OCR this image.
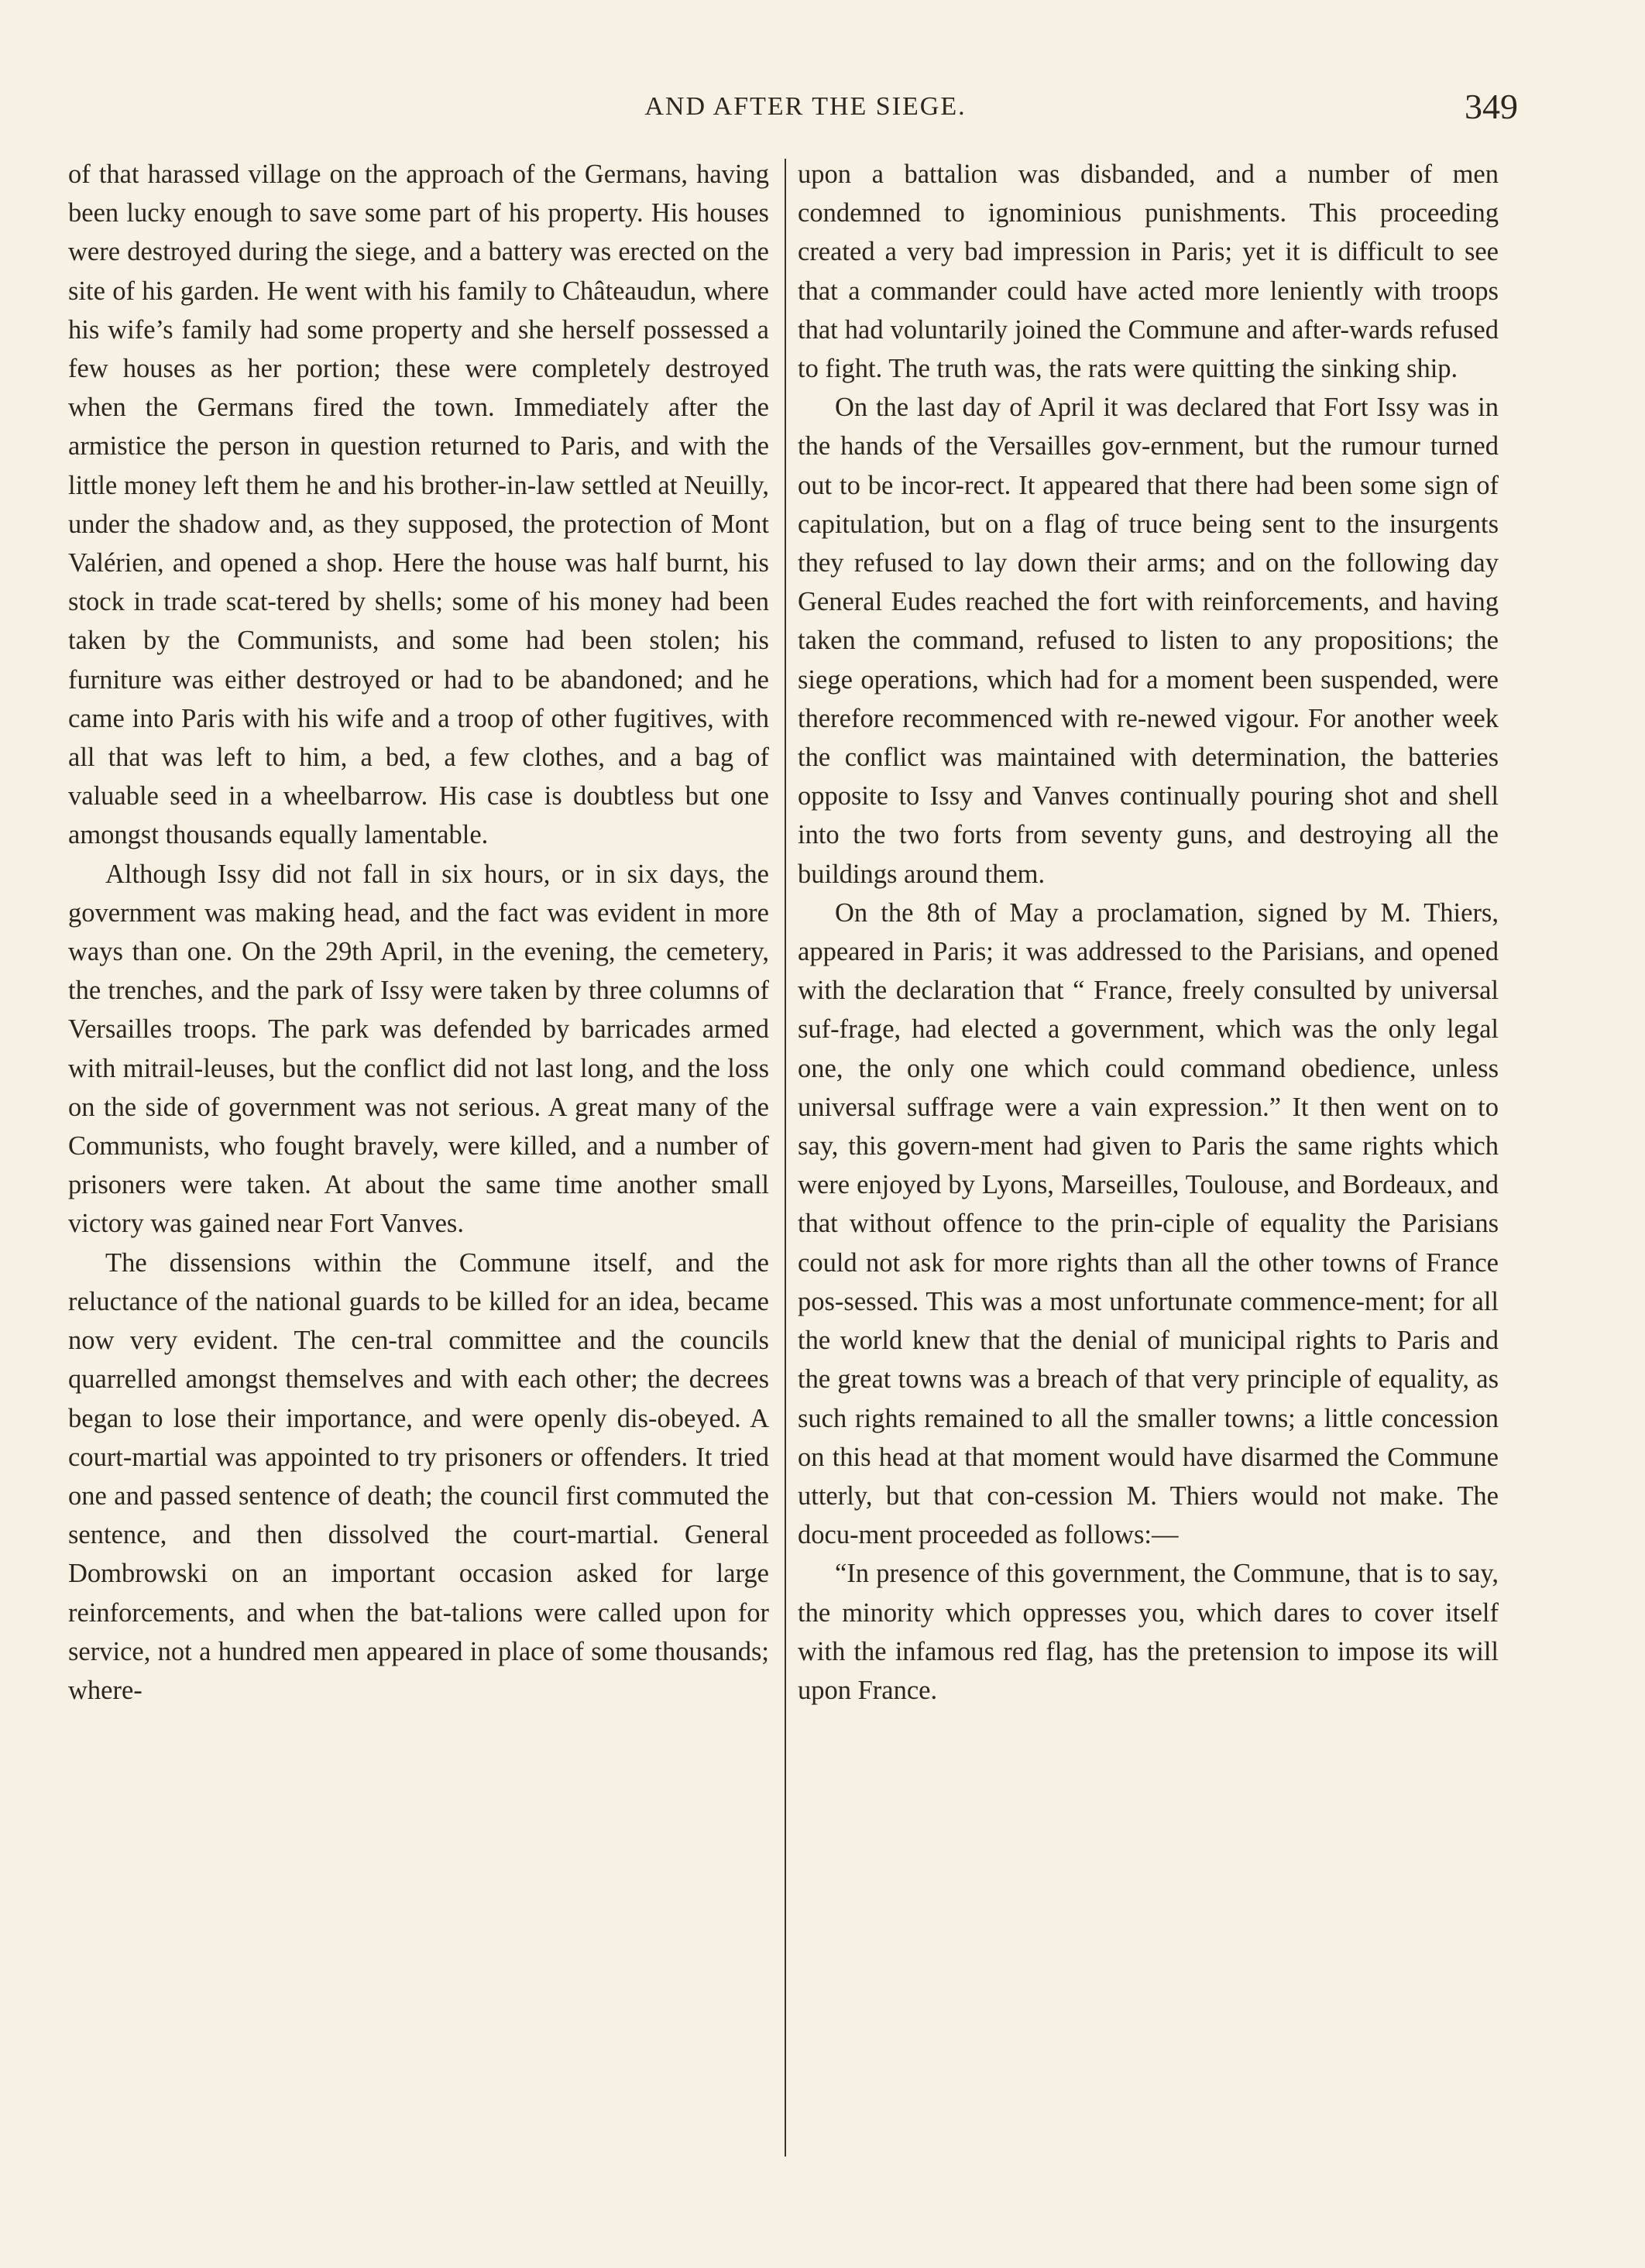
AND AFTER THE SIEGE.	349

of that harassed village on the approach of the Germans, having been lucky enough to save some part of his property. His houses were destroyed during the siege, and a battery was erected on the site of his garden. He went with his family to Châteaudun, where his wife’s family had some property and she herself possessed a few houses as her portion; these were completely destroyed when the Germans fired the town. Immediately after the armistice the person in question returned to Paris, and with the little money left them he and his brother-in-law settled at Neuilly, under the shadow and, as they supposed, the protection of Mont Valérien, and opened a shop. Here the house was half burnt, his stock in trade scat-tered by shells; some of his money had been taken by the Communists, and some had been stolen; his furniture was either destroyed or had to be abandoned; and he came into Paris with his wife and a troop of other fugitives, with all that was left to him, a bed, a few clothes, and a bag of valuable seed in a wheelbarrow. His case is doubtless but one amongst thousands equally lamentable.

Although Issy did not fall in six hours, or in six days, the government was making head, and the fact was evident in more ways than one. On the 29th April, in the evening, the cemetery, the trenches, and the park of Issy were taken by three columns of Versailles troops. The park was defended by barricades armed with mitrail-leuses, but the conflict did not last long, and the loss on the side of government was not serious. A great many of the Communists, who fought bravely, were killed, and a number of prisoners were taken. At about the same time another small victory was gained near Fort Vanves.

The dissensions within the Commune itself, and the reluctance of the national guards to be killed for an idea, became now very evident. The cen-tral committee and the councils quarrelled amongst themselves and with each other; the decrees began to lose their importance, and were openly dis-obeyed. A court-martial was appointed to try prisoners or offenders. It tried one and passed sentence of death; the council first commuted the sentence, and then dissolved the court-martial. General Dombrowski on an important occasion asked for large reinforcements, and when the bat-talions were called upon for service, not a hundred men appeared in place of some thousands; where-

upon a battalion was disbanded, and a number of men condemned to ignominious punishments. This proceeding created a very bad impression in Paris; yet it is difficult to see that a commander could have acted more leniently with troops that had voluntarily joined the Commune and after-wards refused to fight. The truth was, the rats were quitting the sinking ship.

On the last day of April it was declared that Fort Issy was in the hands of the Versailles gov-ernment, but the rumour turned out to be incor-rect. It appeared that there had been some sign of capitulation, but on a flag of truce being sent to the insurgents they refused to lay down their arms; and on the following day General Eudes reached the fort with reinforcements, and having taken the command, refused to listen to any propositions; the siege operations, which had for a moment been suspended, were therefore recommenced with re-newed vigour. For another week the conflict was maintained with determination, the batteries opposite to Issy and Vanves continually pouring shot and shell into the two forts from seventy guns, and destroying all the buildings around them.

On the 8th of May a proclamation, signed by M. Thiers, appeared in Paris; it was addressed to the Parisians, and opened with the declaration that “ France, freely consulted by universal suf-frage, had elected a government, which was the only legal one, the only one which could command obedience, unless universal suffrage were a vain expression.” It then went on to say, this govern-ment had given to Paris the same rights which were enjoyed by Lyons, Marseilles, Toulouse, and Bordeaux, and that without offence to the prin-ciple of equality the Parisians could not ask for more rights than all the other towns of France pos-sessed. This was a most unfortunate commence-ment; for all the world knew that the denial of municipal rights to Paris and the great towns was a breach of that very principle of equality, as such rights remained to all the smaller towns; a little concession on this head at that moment would have disarmed the Commune utterly, but that con-cession M. Thiers would not make. The docu-ment proceeded as follows:—

“In presence of this government, the Commune, that is to say, the minority which oppresses you, which dares to cover itself with the infamous red flag, has the pretension to impose its will upon France.
